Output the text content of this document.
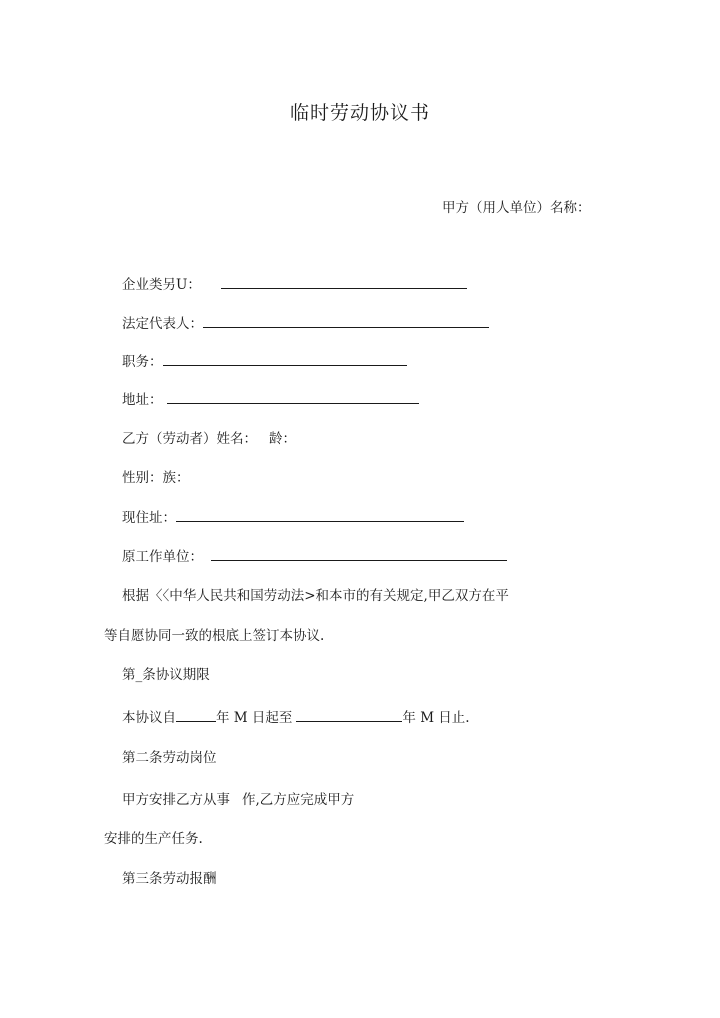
临时劳动协议书
甲方（用人单位）名称：
企业类另U：
法定代表人：
职务：
地址：
乙方（劳动者）姓名： 龄：
性别：族：
现住址：
原工作单位：
根据〈〈中华人民共和国劳动法>和本市的有关规定,甲乙双方在平
等自愿协同一致的根底上签订本协议.
第_条协议期限
本协议自	年 M 日起至	年 M 日止.
第二条劳动岗位
甲方安排乙方从事 作,乙方应完成甲方
安排的生产任务.
第三条劳动报酬
